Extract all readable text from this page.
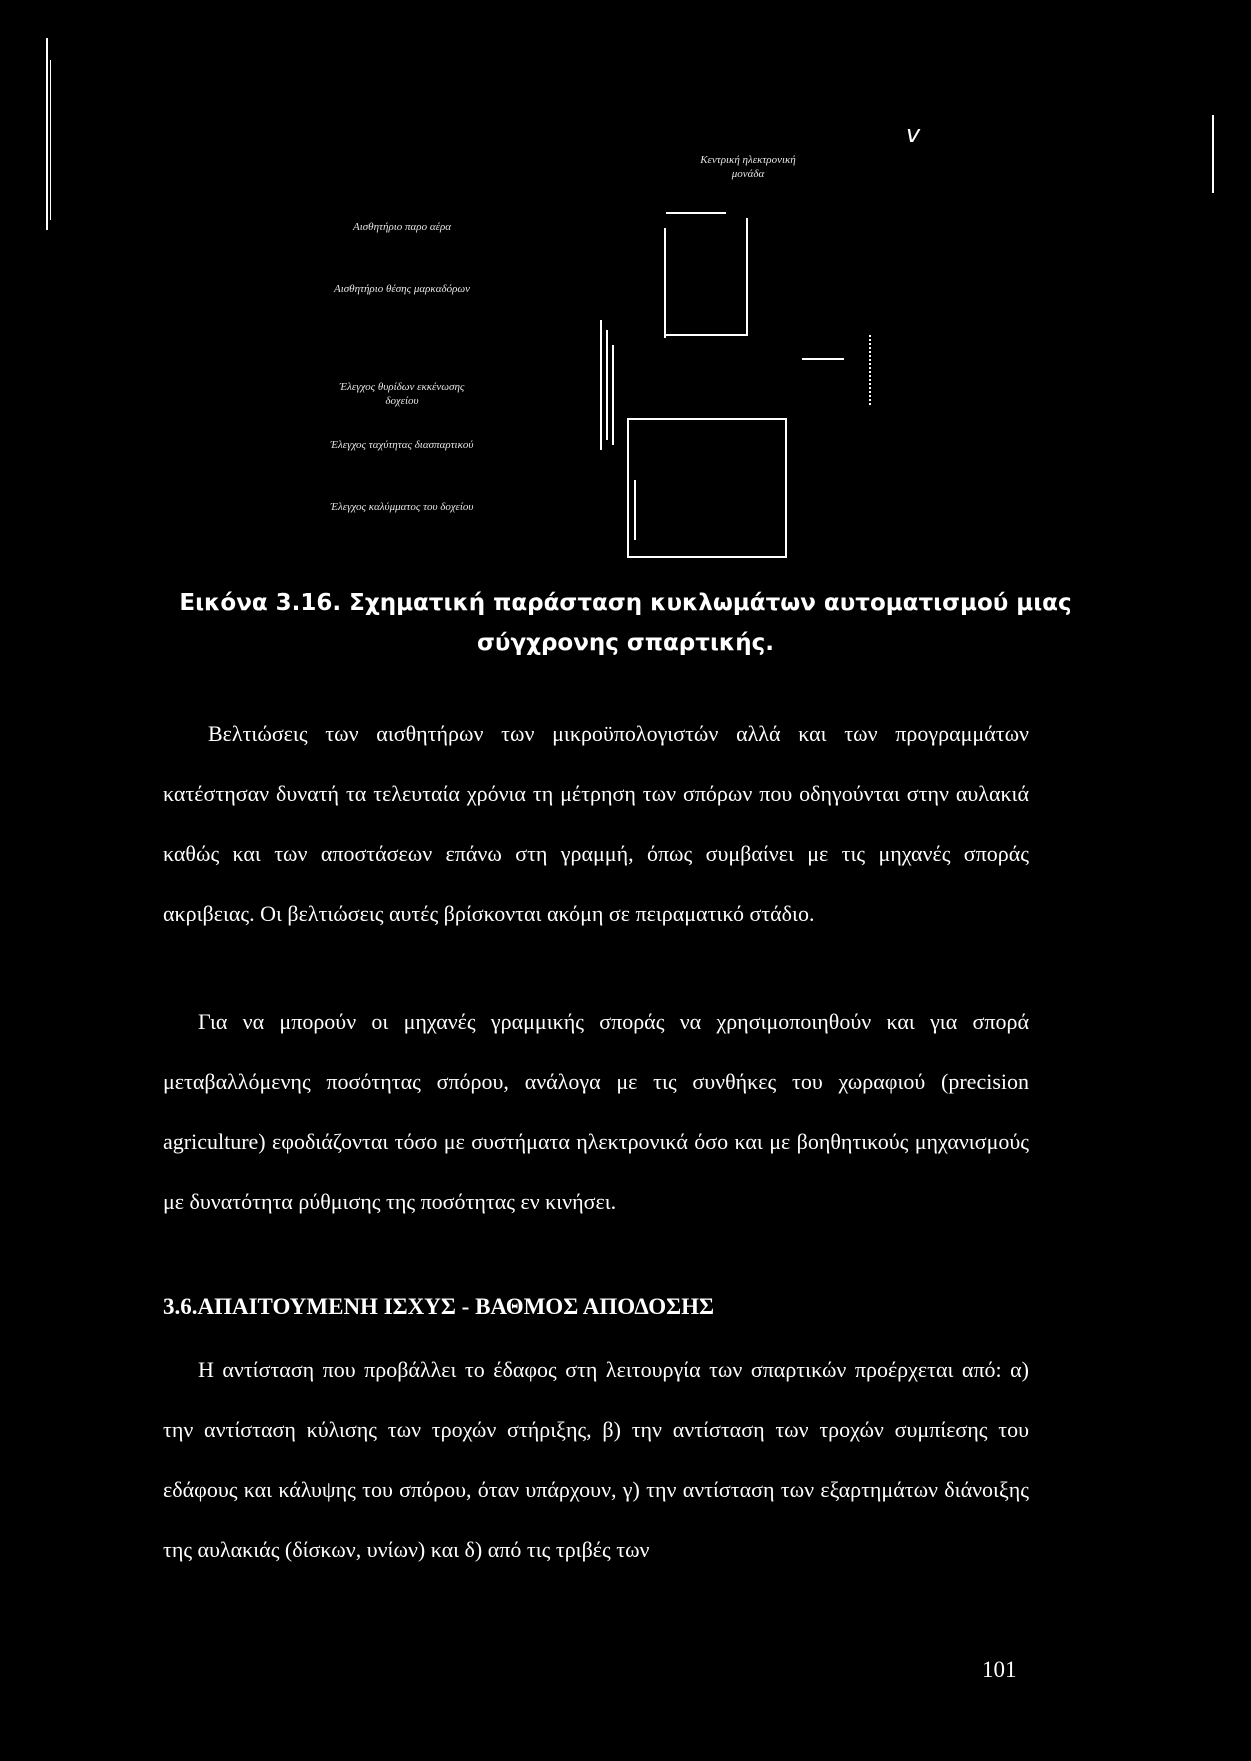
v
Κεντρική ηλεκτρονική μονάδα
Αισθητήριο παρο αέρα
Αισθητήριο θέσης μαρκαδόρων
Έλεγχος θυρίδων εκκένωσης δοχείου
Έλεγχος ταχύτητας διασπαρτικού
Έλεγχος καλύμματος του δοχείου
Εικόνα 3.16. Σχηματική παράσταση κυκλωμάτων αυτοματισμού μιας
σύγχρονης σπαρτικής.
Βελτιώσεις των αισθητήρων των μικροϋπολογιστών αλλά και των προγραμμάτων κατέστησαν δυνατή τα τελευταία χρόνια τη μέτρηση των σπόρων που οδηγούνται στην αυλακιά καθώς και των αποστάσεων επάνω στη γραμμή, όπως συμβαίνει με τις μηχανές σποράς ακριβειας. Οι βελτιώσεις αυτές βρίσκονται ακόμη σε πειραματικό στάδιο.
Για να μπορούν οι μηχανές γραμμικής σποράς να χρησιμοποιηθούν και για σπορά μεταβαλλόμενης ποσότητας σπόρου, ανάλογα με τις συνθήκες του χωραφιού (precision agriculture) εφοδιάζονται τόσο με συστήματα ηλεκτρονικά όσο και με βοηθητικούς μηχανισμούς με δυνατότητα ρύθμισης της ποσότητας εν κινήσει.
3.6.ΑΠΑΙΤΟΥΜΕΝΗ ΙΣΧΥΣ - ΒΑΘΜΟΣ ΑΠΟΔΟΣΗΣ
Η αντίσταση που προβάλλει το έδαφος στη λειτουργία των σπαρτικών προέρχεται από: α) την αντίσταση κύλισης των τροχών στήριξης, β) την αντίσταση των τροχών συμπίεσης του εδάφους και κάλυψης του σπόρου, όταν υπάρχουν, γ) την αντίσταση των εξαρτημάτων διάνοιξης της αυλακιάς (δίσκων, υνίων) και δ) από τις τριβές των
101
